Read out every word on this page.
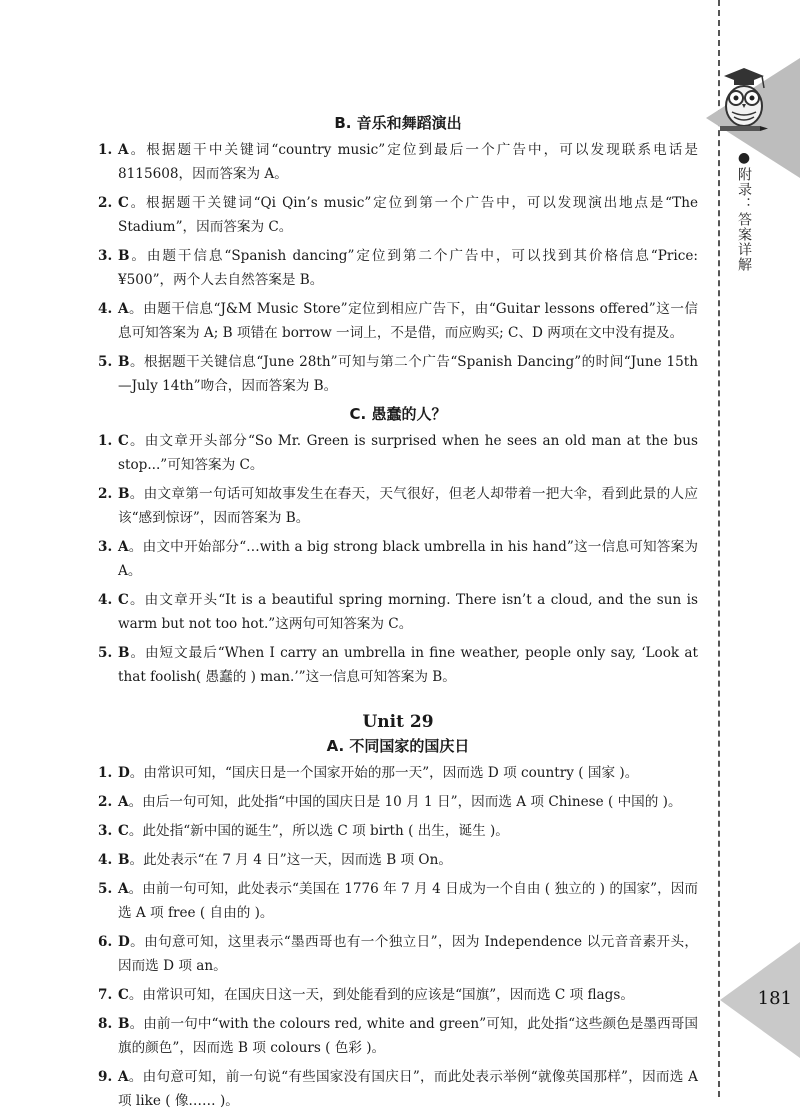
●附录：答案详解
181
B. 音乐和舞蹈演出
1. A。根据题干中关键词“country music”定位到最后一个广告中，可以发现联系电话是8115608，因而答案为 A。
2. C。根据题干关键词“Qi Qin’s music”定位到第一个广告中，可以发现演出地点是“The Stadium”，因而答案为 C。
3. B。由题干信息“Spanish dancing”定位到第二个广告中，可以找到其价格信息“Price: ¥500”，两个人去自然答案是 B。
4. A。由题干信息“J&M Music Store”定位到相应广告下，由“Guitar lessons offered”这一信息可知答案为 A; B 项错在 borrow 一词上，不是借，而应购买; C、D 两项在文中没有提及。
5. B。根据题干关键信息“June 28th”可知与第二个广告“Spanish Dancing”的时间“June 15th —July 14th”吻合，因而答案为 B。
C. 愚蠢的人？
1. C。由文章开头部分“So Mr. Green is surprised when he sees an old man at the bus stop...”可知答案为 C。
2. B。由文章第一句话可知故事发生在春天，天气很好，但老人却带着一把大伞，看到此景的人应该“感到惊讶”，因而答案为 B。
3. A。由文中开始部分“…with a big strong black umbrella in his hand”这一信息可知答案为 A。
4. C。由文章开头“It is a beautiful spring morning. There isn’t a cloud, and the sun is warm but not too hot.”这两句可知答案为 C。
5. B。由短文最后“When I carry an umbrella in fine weather, people only say, ‘Look at that foolish( 愚蠢的 ) man.’”这一信息可知答案为 B。
Unit 29
A. 不同国家的国庆日
1. D。由常识可知，“国庆日是一个国家开始的那一天”，因而选 D 项 country ( 国家 )。
2. A。由后一句可知，此处指“中国的国庆日是 10 月 1 日”，因而选 A 项 Chinese ( 中国的 )。
3. C。此处指“新中国的诞生”，所以选 C 项 birth ( 出生，诞生 )。
4. B。此处表示“在 7 月 4 日”这一天，因而选 B 项 On。
5. A。由前一句可知，此处表示“美国在 1776 年 7 月 4 日成为一个自由 ( 独立的 ) 的国家”，因而选 A 项 free ( 自由的 )。
6. D。由句意可知，这里表示“墨西哥也有一个独立日”，因为 Independence 以元音音素开头，因而选 D 项 an。
7. C。由常识可知，在国庆日这一天，到处能看到的应该是“国旗”，因而选 C 项 flags。
8. B。由前一句中“with the colours red, white and green”可知，此处指“这些颜色是墨西哥国旗的颜色”，因而选 B 项 colours ( 色彩 )。
9. A。由句意可知，前一句说“有些国家没有国庆日”，而此处表示举例“就像英国那样”，因而选 A 项 like ( 像…… )。
